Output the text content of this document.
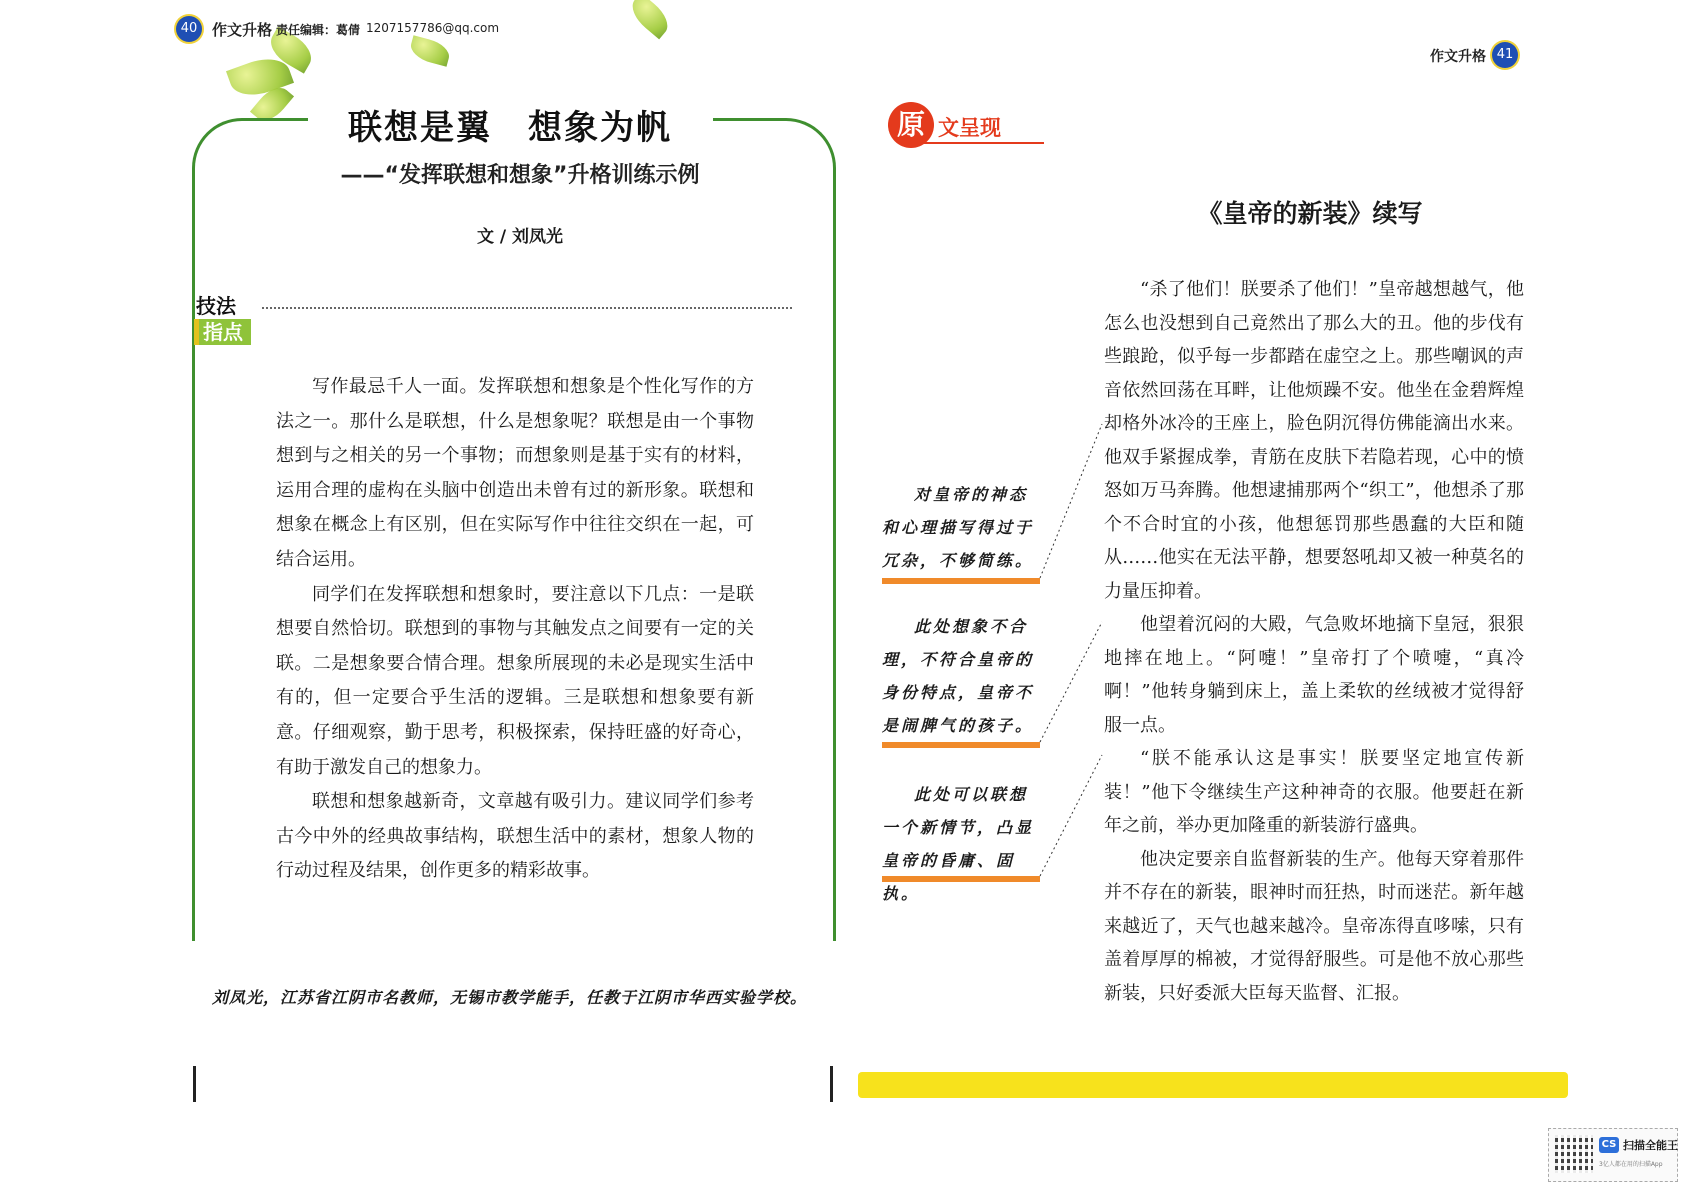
40 作文升格 责任编辑：葛倩 1207157786@qq.com
联想是翼　想象为帆
——“发挥联想和想象”升格训练示例
文 / 刘凤光
技法
指点

写作最忌千人一面。发挥联想和想象是个性化写作的方法之一。那什么是联想，什么是想象呢？联想是由一个事物想到与之相关的另一个事物；而想象则是基于实有的材料，运用合理的虚构在头脑中创造出未曾有过的新形象。联想和想象在概念上有区别，但在实际写作中往往交织在一起，可结合运用。

同学们在发挥联想和想象时，要注意以下几点：一是联想要自然恰切。联想到的事物与其触发点之间要有一定的关联。二是想象要合情合理。想象所展现的未必是现实生活中有的，但一定要合乎生活的逻辑。三是联想和想象要有新意。仔细观察，勤于思考，积极探索，保持旺盛的好奇心，有助于激发自己的想象力。

联想和想象越新奇，文章越有吸引力。建议同学们参考古今中外的经典故事结构，联想生活中的素材，想象人物的行动过程及结果，创作更多的精彩故事。

刘凤光，江苏省江阴市名教师，无锡市教学能手，任教于江阴市华西实验学校。
作文升格 41
原 文呈现
《皇帝的新装》续写

“杀了他们！朕要杀了他们！”皇帝越想越气，他怎么也没想到自己竟然出了那么大的丑。他的步伐有些踉跄，似乎每一步都踏在虚空之上。那些嘲讽的声音依然回荡在耳畔，让他烦躁不安。他坐在金碧辉煌却格外冰冷的王座上，脸色阴沉得仿佛能滴出水来。他双手紧握成拳，青筋在皮肤下若隐若现，心中的愤怒如万马奔腾。他想逮捕那两个“织工”，他想杀了那个不合时宜的小孩，他想惩罚那些愚蠢的大臣和随从……他实在无法平静，想要怒吼却又被一种莫名的力量压抑着。

他望着沉闷的大殿，气急败坏地摘下皇冠，狠狠地摔在地上。“阿嚏！”皇帝打了个喷嚏，“真冷啊！”他转身躺到床上，盖上柔软的丝绒被才觉得舒服一点。

“朕不能承认这是事实！朕要坚定地宣传新装！”他下令继续生产这种神奇的衣服。他要赶在新年之前，举办更加隆重的新装游行盛典。

他决定要亲自监督新装的生产。他每天穿着那件并不存在的新装，眼神时而狂热，时而迷茫。新年越来越近了，天气也越来越冷。皇帝冻得直哆嗦，只有盖着厚厚的棉被，才觉得舒服些。可是他不放心那些新装，只好委派大臣每天监督、汇报。

对皇帝的神态和心理描写得过于冗杂，不够简练。
此处想象不合理，不符合皇帝的身份特点，皇帝不是闹脾气的孩子。
此处可以联想一个新情节，凸显皇帝的昏庸、固执。
CS 扫描全能王
3亿人都在用的扫描App
